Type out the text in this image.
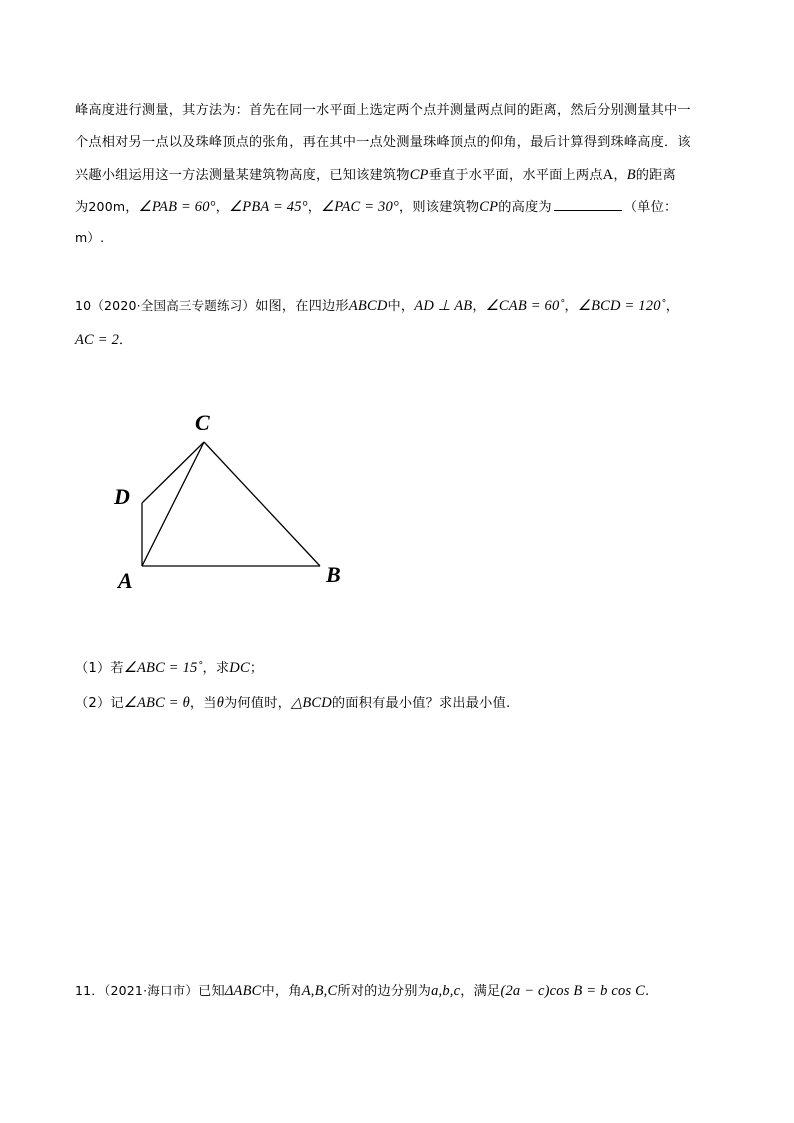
峰高度进行测量，其方法为：首先在同一水平面上选定两个点并测量两点间的距离，然后分别测量其中一
个点相对另一点以及珠峰顶点的张角，再在其中一点处测量珠峰顶点的仰角，最后计算得到珠峰高度．该
兴趣小组运用这一方法测量某建筑物高度，已知该建筑物CP垂直于水平面，水平面上两点A，B的距离
为200m，∠PAB = 60°，∠PBA = 45°，∠PAC = 30°，则该建筑物CP的高度为	（单位：
m）.
10（2020·全国高三专题练习）如图，在四边形ABCD中，AD ⊥ AB，∠CAB = 60˚，∠BCD = 120˚，
AC = 2．
C
D
A	B
（1）若∠ABC = 15˚，求DC；
（2）记∠ABC = θ，当θ为何值时，△BCD的面积有最小值？求出最小值.
11．（2021·海口市）已知ΔABC中，角A,B,C所对的边分别为a,b,c，满足(2a − c)cos B = b cos C.
